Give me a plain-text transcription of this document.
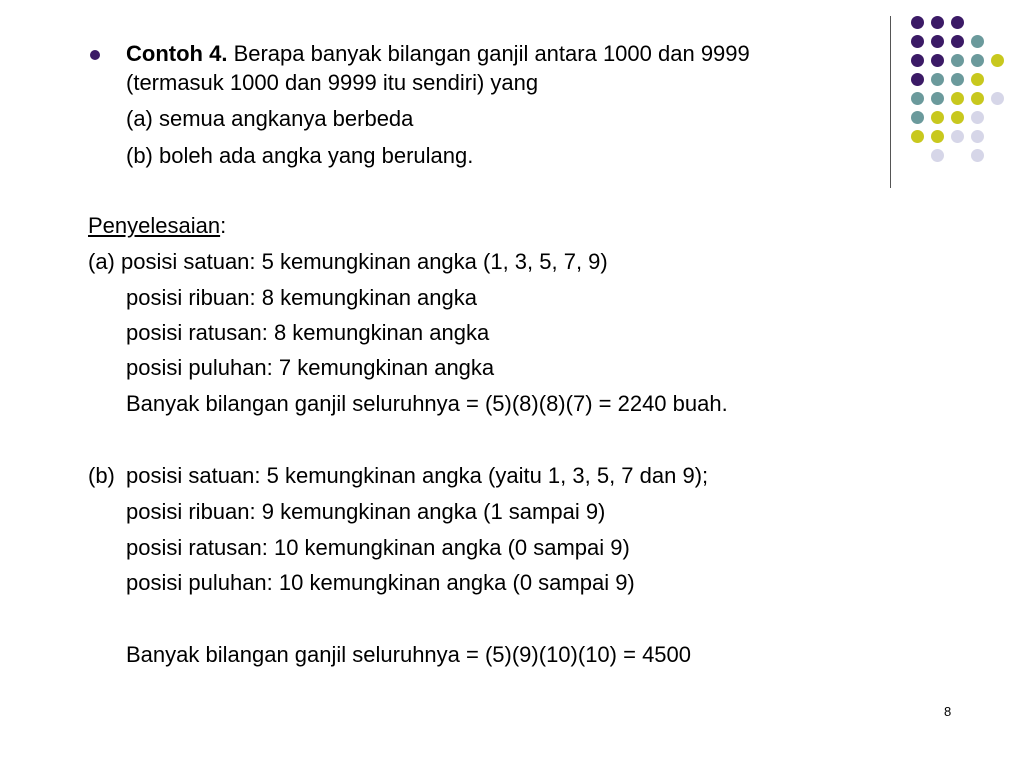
Contoh 4. Berapa banyak bilangan ganjil antara 1000 dan 9999
(termasuk 1000 dan 9999 itu sendiri) yang
(a) semua angkanya berbeda
(b) boleh ada angka yang berulang.
Penyelesaian:
(a) posisi satuan: 5 kemungkinan angka (1, 3, 5, 7, 9)
posisi ribuan: 8 kemungkinan angka
posisi ratusan: 8 kemungkinan angka
posisi puluhan: 7 kemungkinan angka
Banyak bilangan ganjil seluruhnya = (5)(8)(8)(7) = 2240 buah.
(b) posisi satuan: 5 kemungkinan angka (yaitu 1, 3, 5, 7 dan 9);
posisi ribuan: 9 kemungkinan angka (1 sampai 9)
posisi ratusan: 10 kemungkinan angka (0 sampai 9)
posisi puluhan: 10 kemungkinan angka (0 sampai 9)
Banyak bilangan ganjil seluruhnya = (5)(9)(10)(10) = 4500
8
